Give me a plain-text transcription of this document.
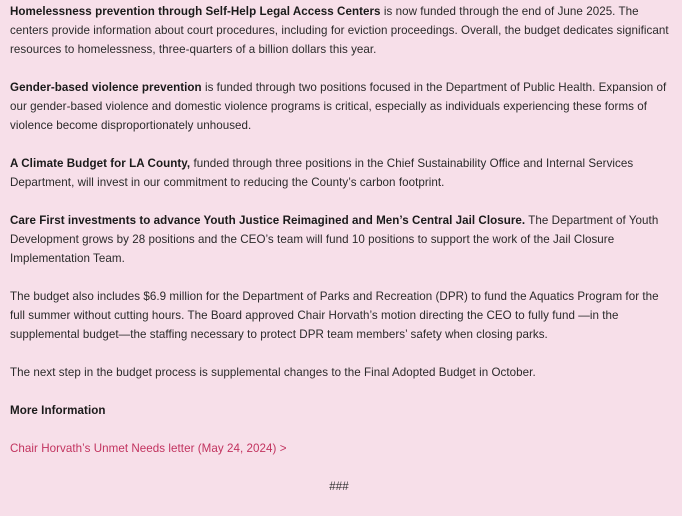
Homelessness prevention through Self-Help Legal Access Centers is now funded through the end of June 2025. The centers provide information about court procedures, including for eviction proceedings. Overall, the budget dedicates significant resources to homelessness, three-quarters of a billion dollars this year.

Gender-based violence prevention is funded through two positions focused in the Department of Public Health. Expansion of our gender-based violence and domestic violence programs is critical, especially as individuals experiencing these forms of violence become disproportionately unhoused.

A Climate Budget for LA County, funded through three positions in the Chief Sustainability Office and Internal Services Department, will invest in our commitment to reducing the County’s carbon footprint.

Care First investments to advance Youth Justice Reimagined and Men’s Central Jail Closure. The Department of Youth Development grows by 28 positions and the CEO’s team will fund 10 positions to support the work of the Jail Closure Implementation Team.

The budget also includes $6.9 million for the Department of Parks and Recreation (DPR) to fund the Aquatics Program for the full summer without cutting hours. The Board approved Chair Horvath’s motion directing the CEO to fully fund —in the supplemental budget—the staffing necessary to protect DPR team members’ safety when closing parks.

The next step in the budget process is supplemental changes to the Final Adopted Budget in October.

More Information

Chair Horvath’s Unmet Needs letter (May 24, 2024) >

###
